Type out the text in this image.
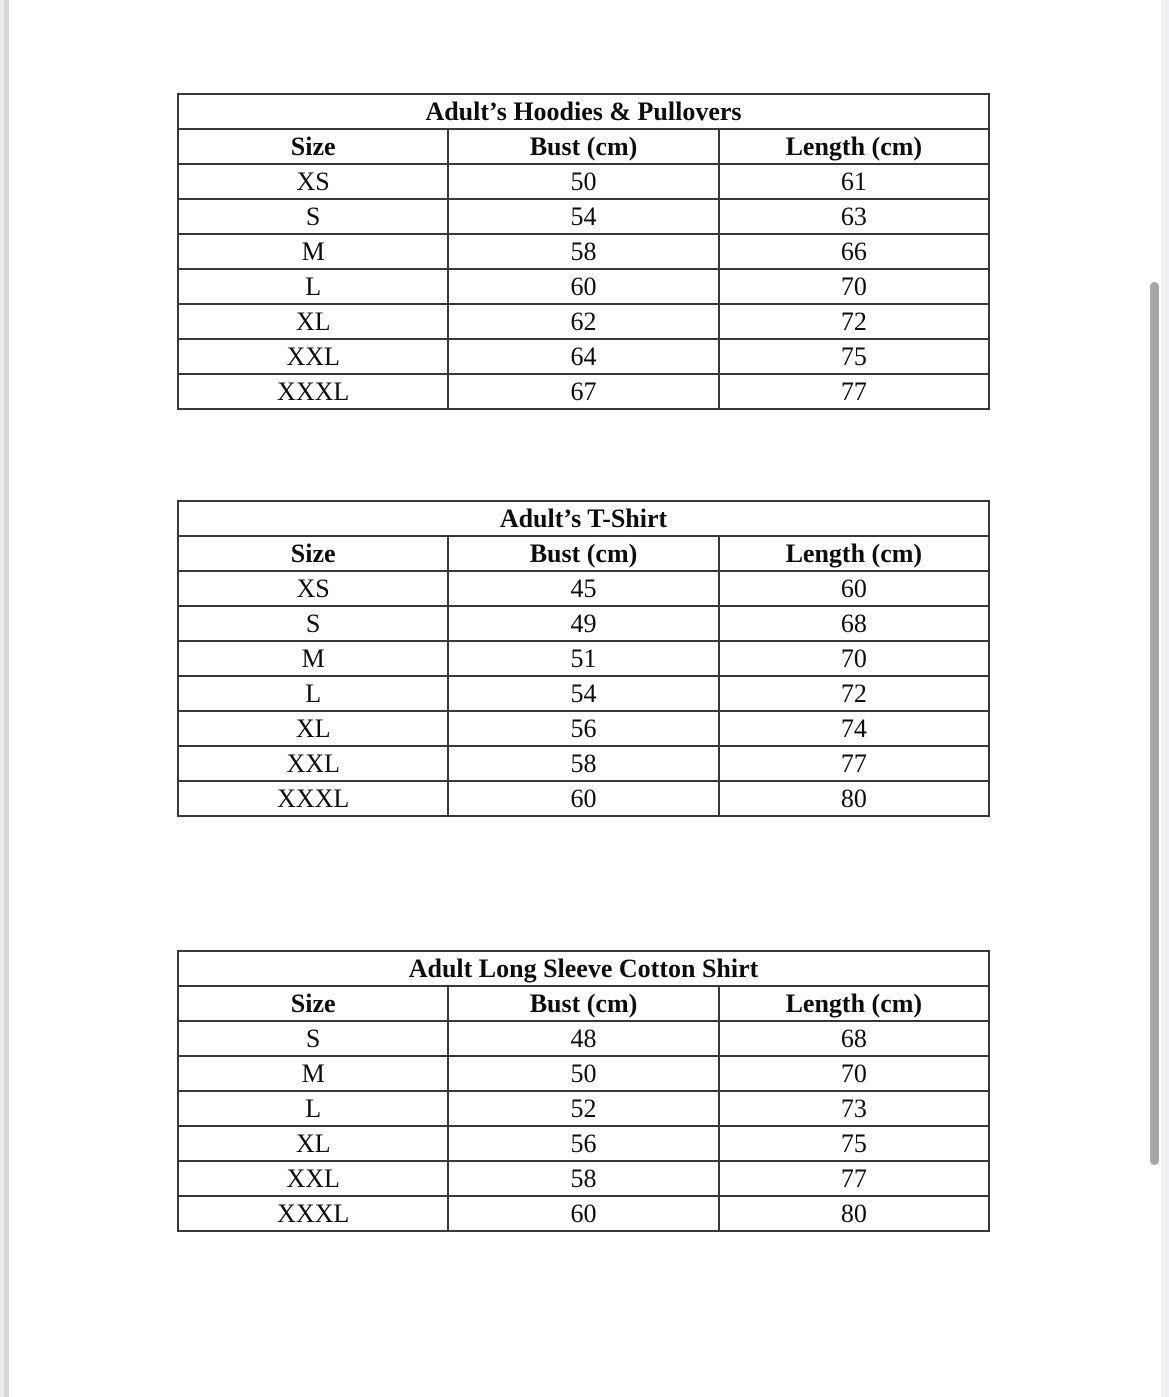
Adult’s Hoodies & Pullovers		
Size	Bust (cm)	Length (cm)
XS	50	61
S	54	63
M	58	66
L	60	70
XL	62	72
XXL	64	75
XXXL	67	77
Adult’s T-Shirt		
Size	Bust (cm)	Length (cm)
XS	45	60
S	49	68
M	51	70
L	54	72
XL	56	74
XXL	58	77
XXXL	60	80
Adult Long Sleeve Cotton Shirt		
Size	Bust (cm)	Length (cm)
S	48	68
M	50	70
L	52	73
XL	56	75
XXL	58	77
XXXL	60	80
